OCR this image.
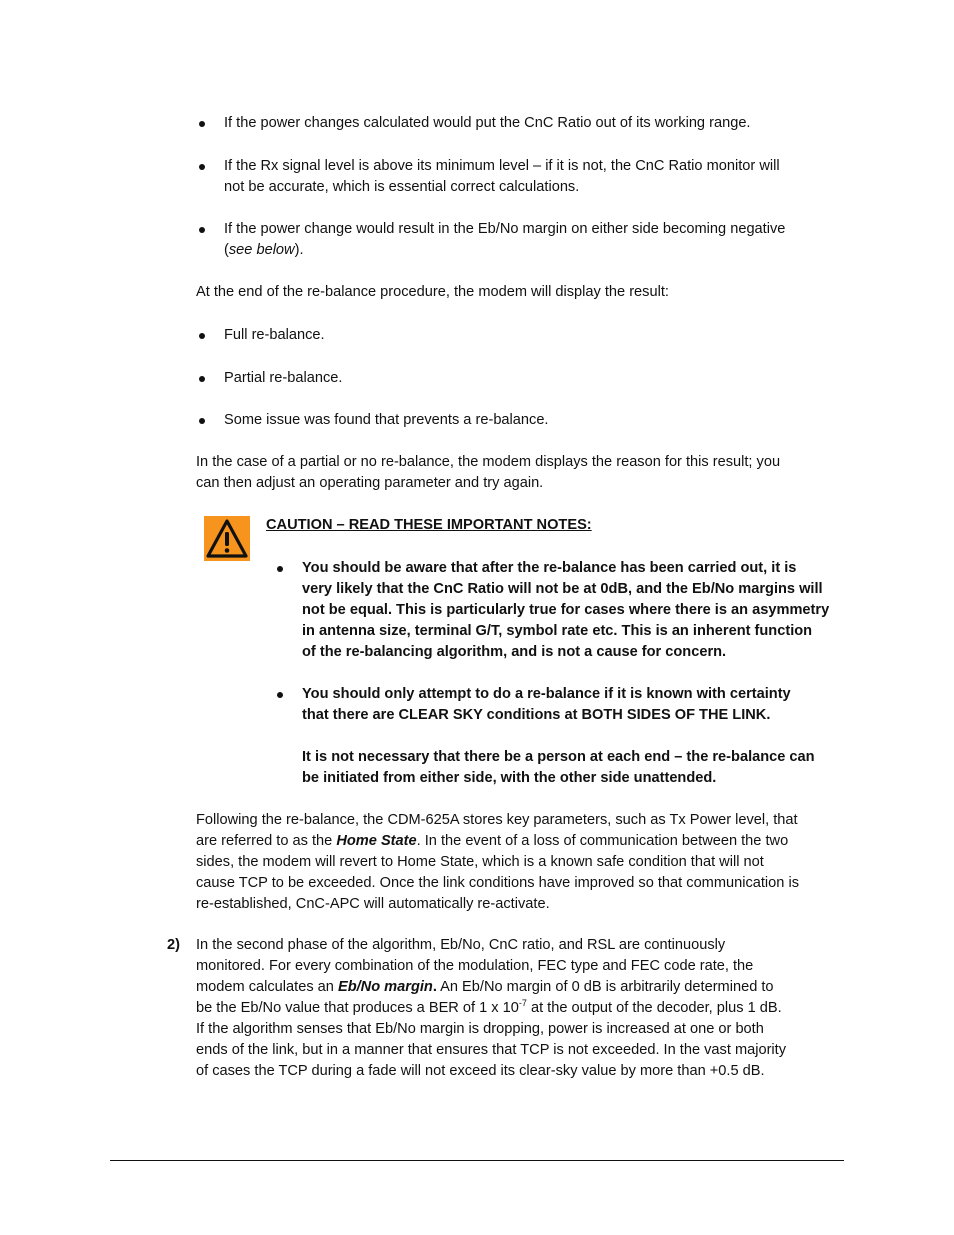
If the power changes calculated would put the CnC Ratio out of its working range.
If the Rx signal level is above its minimum level – if it is not, the CnC Ratio monitor will
not be accurate, which is essential correct calculations.
If the power change would result in the Eb/No margin on either side becoming negative
(see below).
At the end of the re-balance procedure, the modem will display the result:
Full re-balance.
Partial re-balance.
Some issue was found that prevents a re-balance.
In the case of a partial or no re-balance, the modem displays the reason for this result; you
can then adjust an operating parameter and try again.
CAUTION – READ THESE IMPORTANT NOTES:
You should be aware that after the re-balance has been carried out, it is
very likely that the CnC Ratio will not be at 0dB, and the Eb/No margins will
not be equal. This is particularly true for cases where there is an asymmetry
in antenna size, terminal G/T, symbol rate etc. This is an inherent function
of the re-balancing algorithm, and is not a cause for concern.
You should only attempt to do a re-balance if it is known with certainty
that there are CLEAR SKY conditions at BOTH SIDES OF THE LINK.
It is not necessary that there be a person at each end – the re-balance can
be initiated from either side, with the other side unattended.
Following the re-balance, the CDM-625A stores key parameters, such as Tx Power level, that
are referred to as the Home State. In the event of a loss of communication between the two
sides, the modem will revert to Home State, which is a known safe condition that will not
cause TCP to be exceeded. Once the link conditions have improved so that communication is
re-established, CnC-APC will automatically re-activate.
2)	In the second phase of the algorithm, Eb/No, CnC ratio, and RSL are continuously
monitored. For every combination of the modulation, FEC type and FEC code rate, the
modem calculates an Eb/No margin. An Eb/No margin of 0 dB is arbitrarily determined to
be the Eb/No value that produces a BER of 1 x $10^{-7}$ at the output of the decoder, plus 1 dB.
If the algorithm senses that Eb/No margin is dropping, power is increased at one or both
ends of the link, but in a manner that ensures that TCP is not exceeded. In the vast majority
of cases the TCP during a fade will not exceed its clear-sky value by more than +0.5 dB.
